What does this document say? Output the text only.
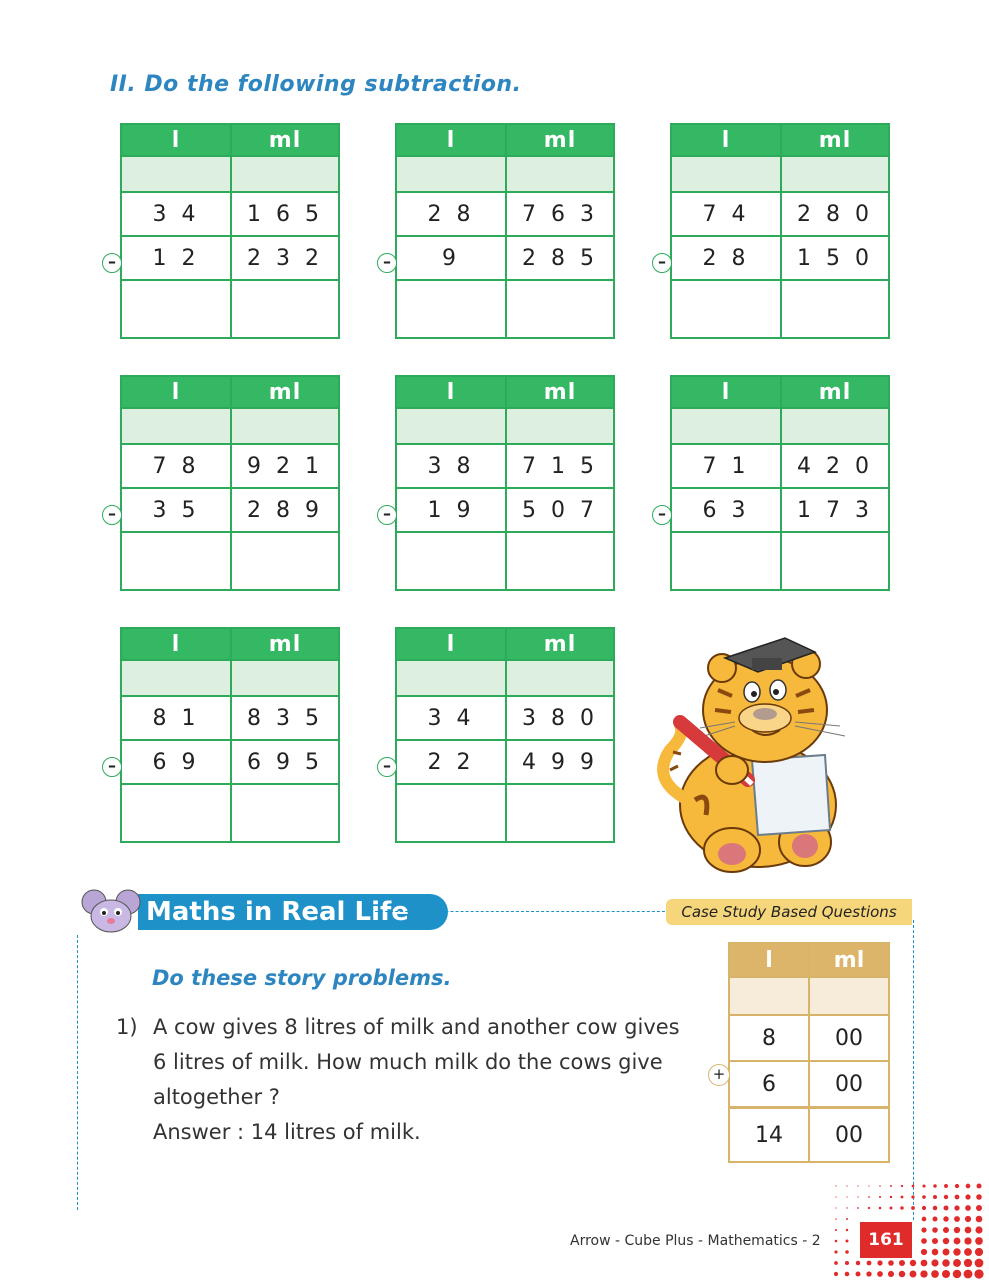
II. Do the following subtraction.
–
l	ml

3 4	1 6 5
1 2	2 3 2
		–
l	ml

2 8	7 6 3
9	2 8 5
		–
l	ml

7 4	2 8 0
2 8	1 5 0

–
l	ml

7 8	9 2 1
3 5	2 8 9
		–
l	ml

3 8	7 1 5
1 9	5 0 7
		–
l	ml

7 1	4 2 0
6 3	1 7 3

–
l	ml

8 1	8 3 5
6 9	6 9 5
		–
l	ml

3 4	3 8 0
2 2	4 9 9

Maths in Real Life	Case Study Based Questions
Do these story problems.
1) A cow gives 8 litres of milk and another cow gives 6 litres of milk. How much milk do the cows give altogether ?
Answer : 14 litres of milk.
+
l	ml

8	00
6	00
14	00
Arrow - Cube Plus - Mathematics - 2	161
